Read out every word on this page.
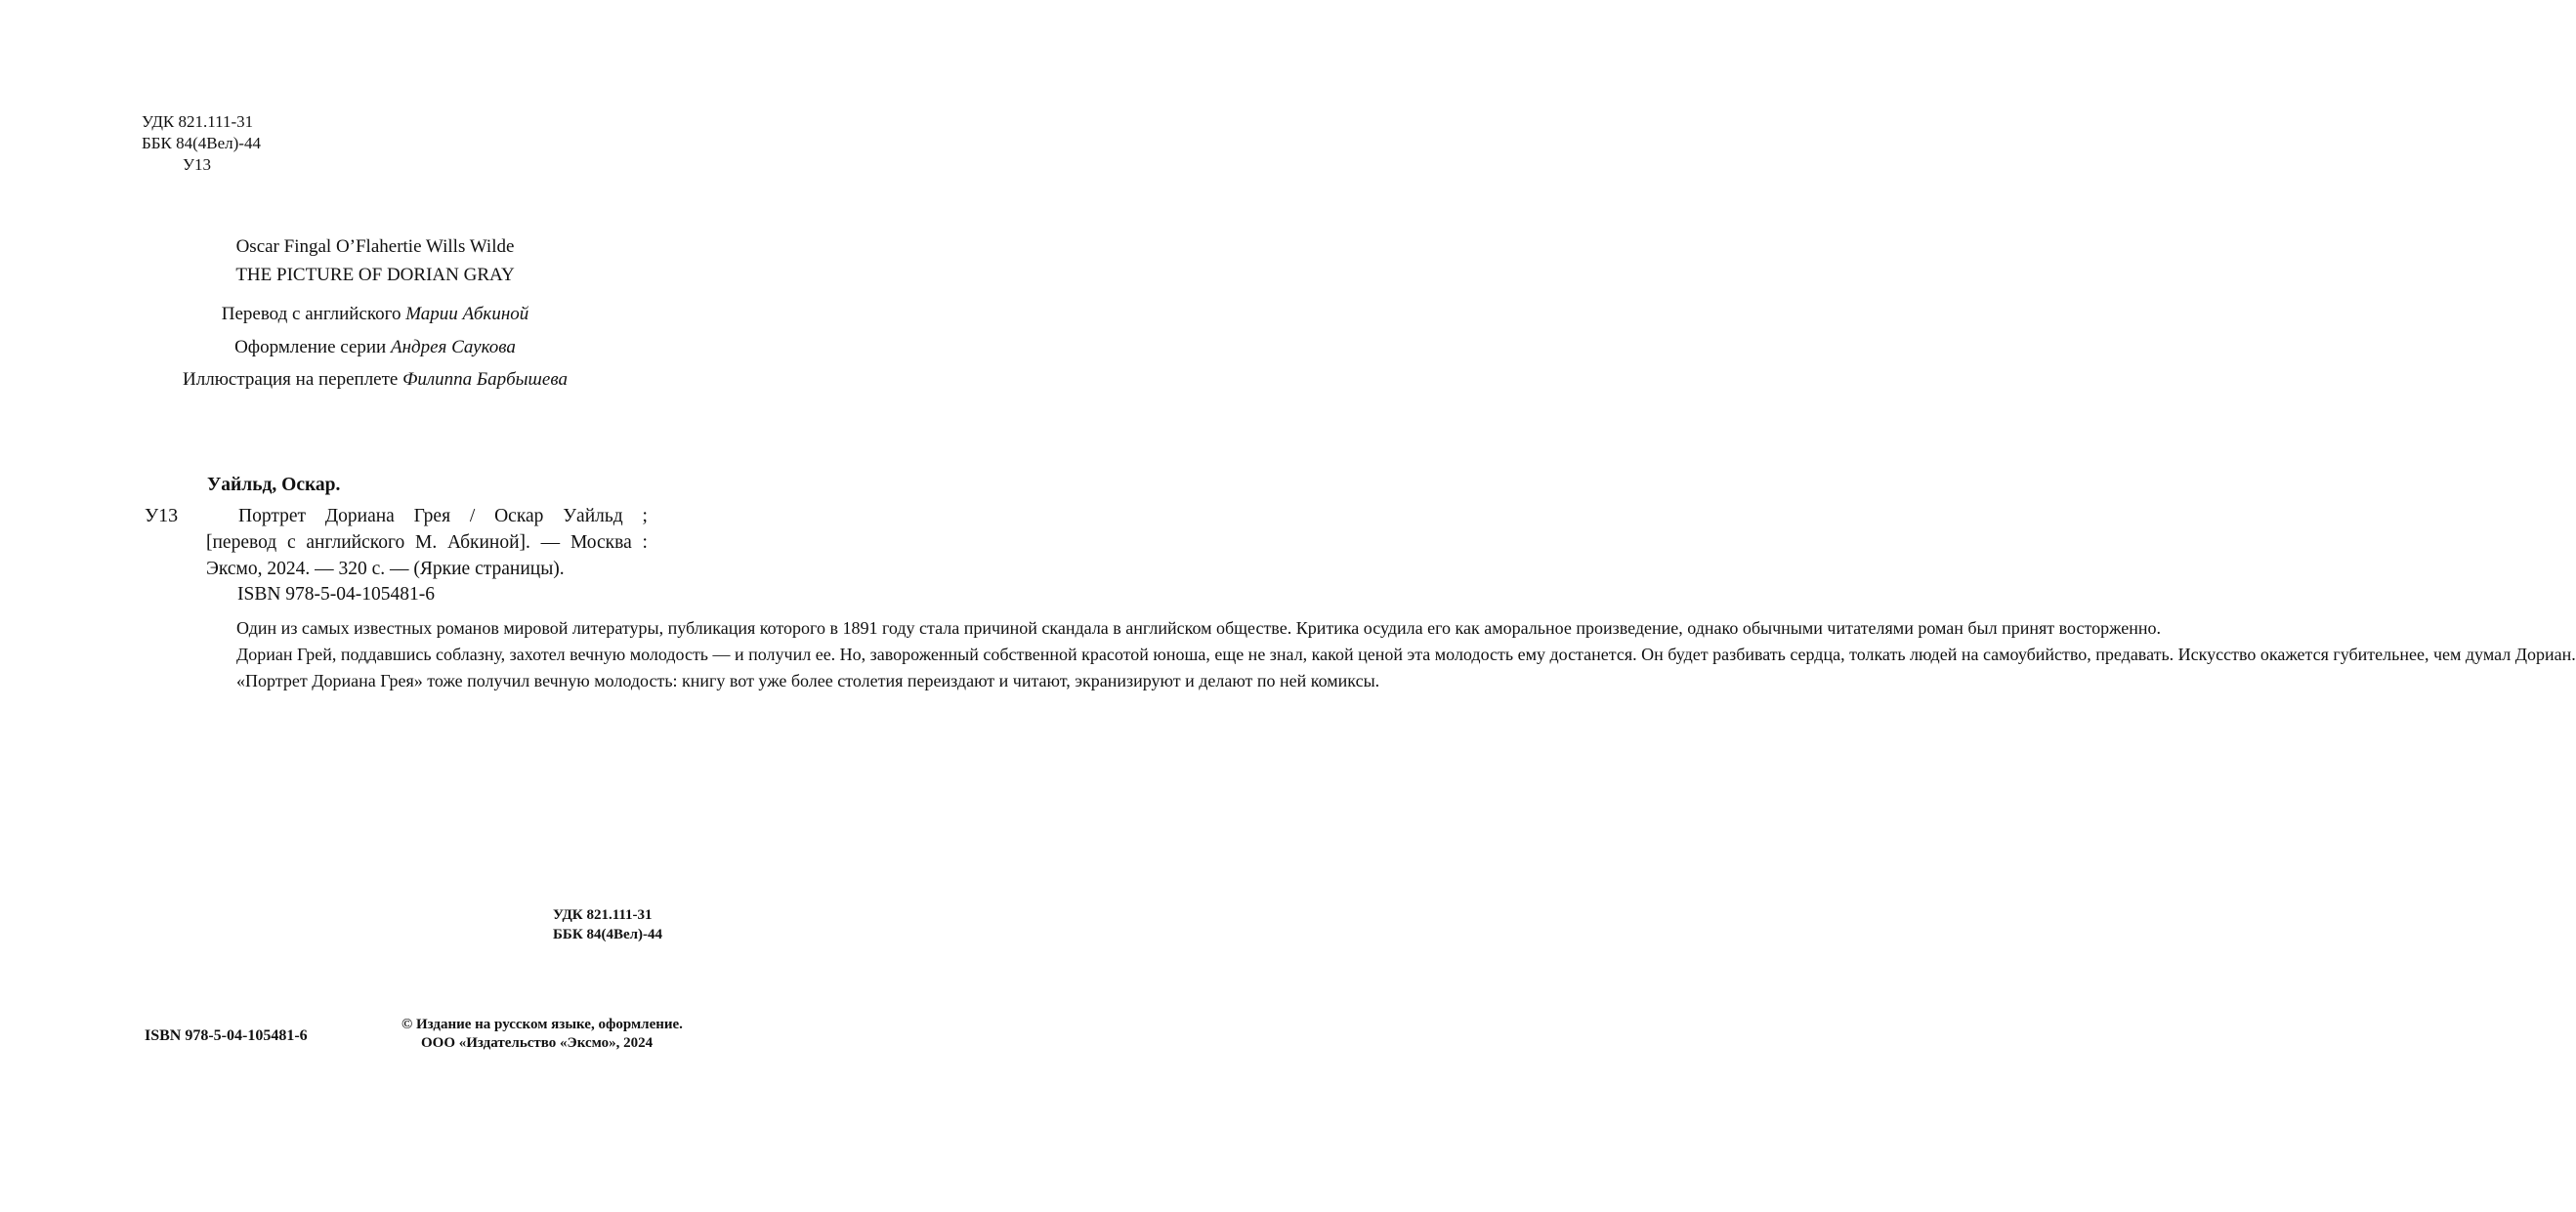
УДК 821.111-31
ББК 84(4Вел)-44
У13
Oscar Fingal O’Flahertie Wills Wilde
THE PICTURE OF DORIAN GRAY
Перевод с английского Марии Абкиной
Оформление серии Андрея Саукова
Иллюстрация на переплете Филиппа Барбышева
Уайльд, Оскар.
У13	Портрет Дориана Грея / Оскар Уайльд ;
[перевод с английского М. Абкиной]. — Москва :
Эксмо, 2024. — 320 с. — (Яркие страницы).
ISBN 978-5-04-105481-6

Один из самых известных романов мировой литературы, публикация которого в 1891 году стала причиной скандала в английском обществе. Критика осудила его как аморальное произведение, однако обычными читателями роман был принят восторженно.

Дориан Грей, поддавшись соблазну, захотел вечную молодость — и получил ее. Но, завороженный собственной красотой юноша, еще не знал, какой ценой эта молодость ему достанется. Он будет разбивать сердца, толкать людей на самоубийство, предавать. Искусство окажется губительнее, чем думал Дориан.

«Портрет Дориана Грея» тоже получил вечную молодость: книгу вот уже более столетия переиздают и читают, экранизируют и делают по ней комиксы.

УДК 821.111-31
ББК 84(4Вел)-44
ISBN 978-5-04-105481-6
© Издание на русском языке, оформление.
ООО «Издательство «Эксмо», 2024
